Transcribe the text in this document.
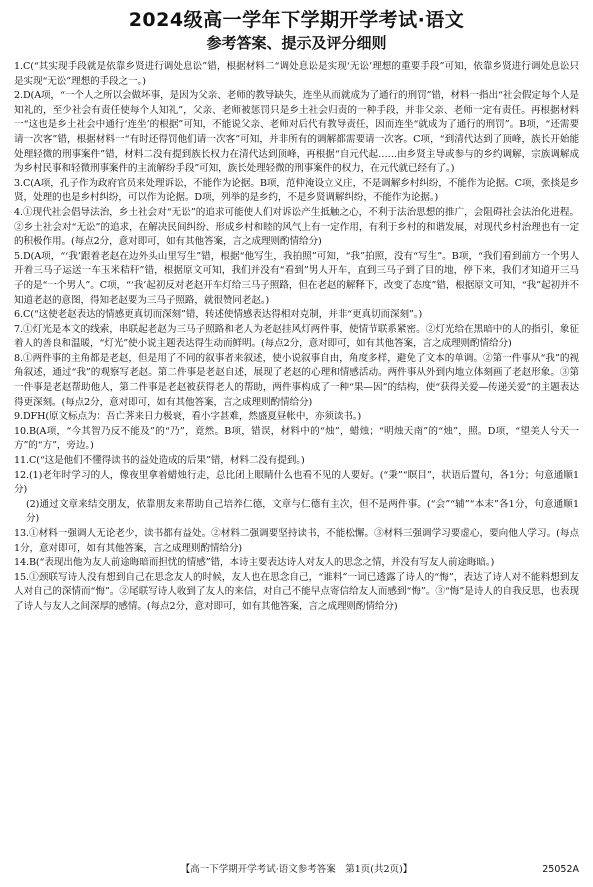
2024级高一学年下学期开学考试·语文
参考答案、提示及评分细则
1.C(“其实现手段就是依靠乡贤进行调处息讼”错，根据材料二“调处息讼是实现‘无讼’理想的重要手段”可知，依靠乡贤进行调处息讼只是实现“无讼”理想的手段之一。)
2.D(A项，“一个人之所以会做坏事，是因为父亲、老师的教导缺失，连坐从而就成为了通行的刑罚”错，材料一指出“社会假定每个人是知礼的，至少社会有责任使每个人知礼”，父亲、老师被惩罚只是乡土社会归责的一种手段，并非父亲、老师一定有责任。再根据材料一“这也是乡土社会中通行‘连坐’的根据”可知，不能说父亲、老师对后代有教导责任，因而连坐“就成为了通行的刑罚”。B项，“还需要请一次客”错，根据材料一“有时还得罚他们请一次客”可知，并非所有的调解都需要请一次客。C项，“到清代达到了顶峰，族长开始能处理轻微的刑事案件”错，材料二没有提到族长权力在清代达到顶峰，再根据“自元代起……由乡贤主导或参与的乡约调解，宗族调解成为乡村民事和轻微刑事案件的主流解纷手段”可知，族长处理轻微的刑事案件的权力，在元代就已经有了。)
3.C(A项，孔子作为政府官员来处理诉讼，不能作为论据。B项，范仲淹设立义庄，不是调解乡村纠纷，不能作为论据。C项，张掞是乡贤，处理的也是乡村纠纷，可以作为论据。D项，列举的是乡约，不是乡贤调解纠纷，不能作为论据。)
4.①现代社会倡导法治，乡土社会对“无讼”的追求可能使人们对诉讼产生抵触之心，不利于法治思想的推广，会阻碍社会法治化进程。②乡土社会对“无讼”的追求，在解决民间纠纷、形成乡村和睦的风气上有一定作用，有利于乡村的和谐发展，对现代乡村治理也有一定的积极作用。(每点2分，意对即可，如有其他答案，言之成理则酌情给分)
5.D(A项，“‘我’跟着老赵在边外头山里写生”错，根据“他写生，我拍照”可知，“我”拍照，没有“写生”。B项，“我们看到前方一个男人开着三马子运送一车玉米秸秆”错，根据原文可知，我们并没有“看到”男人开车，直到三马子到了目的地，停下来，我们才知道开三马子的是“一个男人”。C项，“‘我’起初反对老赵开车灯给三马子照路，但在老赵的解释下，改变了态度”错，根据原文可知，“我”起初并不知道老赵的意图，得知老赵要为三马子照路，就很赞同老赵。)
6.C(“这使老赵表达的情感更真切而深刻”错，转述使情感表达得相对克制，并非“更真切而深刻”。)
7.①灯光是本文的线索，串联起老赵为三马子照路和老人为老赵挂风灯两件事，使情节联系紧密。②灯光给在黑暗中的人的指引，象征着人的善良和温暖，“灯光”使小说主题表达得生动而鲜明。(每点2分，意对即可，如有其他答案，言之成理则酌情给分)
8.①两件事的主角都是老赵，但是用了不同的叙事者来叙述，使小说叙事自由，角度多样，避免了文本的单调。②第一件事从“我”的视角叙述，通过“我”的观察写老赵。第二件事是老赵自述，展现了老赵的心理和情感活动。两件事从外到内地立体刻画了老赵形象。③第一件事是老赵帮助他人，第二件事是老赵被获得老人的帮助，两件事构成了一种“果—因”的结构，使“获得关爱—传递关爱”的主题表达得更深刻。(每点2分，意对即可，如有其他答案，言之成理则酌情给分)
9.DFH(原文标点为：吾亡荠来日力极衰，看小字甚难，然盛夏昼帐中，亦须读书。)
10.B(A项，“今其智乃反不能及”的“乃”，竟然。B项，错误，材料中的“烛”，蜡烛；“明烛天南”的“烛”，照。D项，“望美人兮天一方”的“方”，旁边。)
11.C(“这是他们不懂得读书的益处造成的后果”错，材料二没有提到。)
12.(1)老年时学习的人，像夜里拿着蜡烛行走，总比闭上眼睛什么也看不见的人要好。(“秉”“瞑目”，状语后置句，各1分；句意通顺1分)
(2)通过文章来结交朋友，依靠朋友来帮助自己培养仁德，文章与仁德有主次，但不是两件事。(“会”“辅”“本末”各1分，句意通顺1分)
13.①材料一强调人无论老少，读书都有益处。②材料二强调要坚持读书，不能松懈。③材料三强调学习要虚心，要向他人学习。(每点1分，意对即可，如有其他答案，言之成理则酌情给分)
14.B(“表现出他为友人前途晦暗而担忧的情感”错，本诗主要表达诗人对友人的思念之情，并没有写友人前途晦暗。)
15.①颈联写诗人没有想到自己在思念友人的时候，友人也在思念自己，“谁料”一词已透露了诗人的“悔”，表达了诗人对不能料想到友人对自己的深情而“悔”。②尾联写诗人收到了友人的来信，对自己不能早点寄信给友人而感到“悔”。③“悔”是诗人的自我反思，也表现了诗人与友人之间深厚的感情。(每点2分，意对即可，如有其他答案，言之成理则酌情给分)
【高一下学期开学考试·语文参考答案　第1页(共2页)】	25052A
